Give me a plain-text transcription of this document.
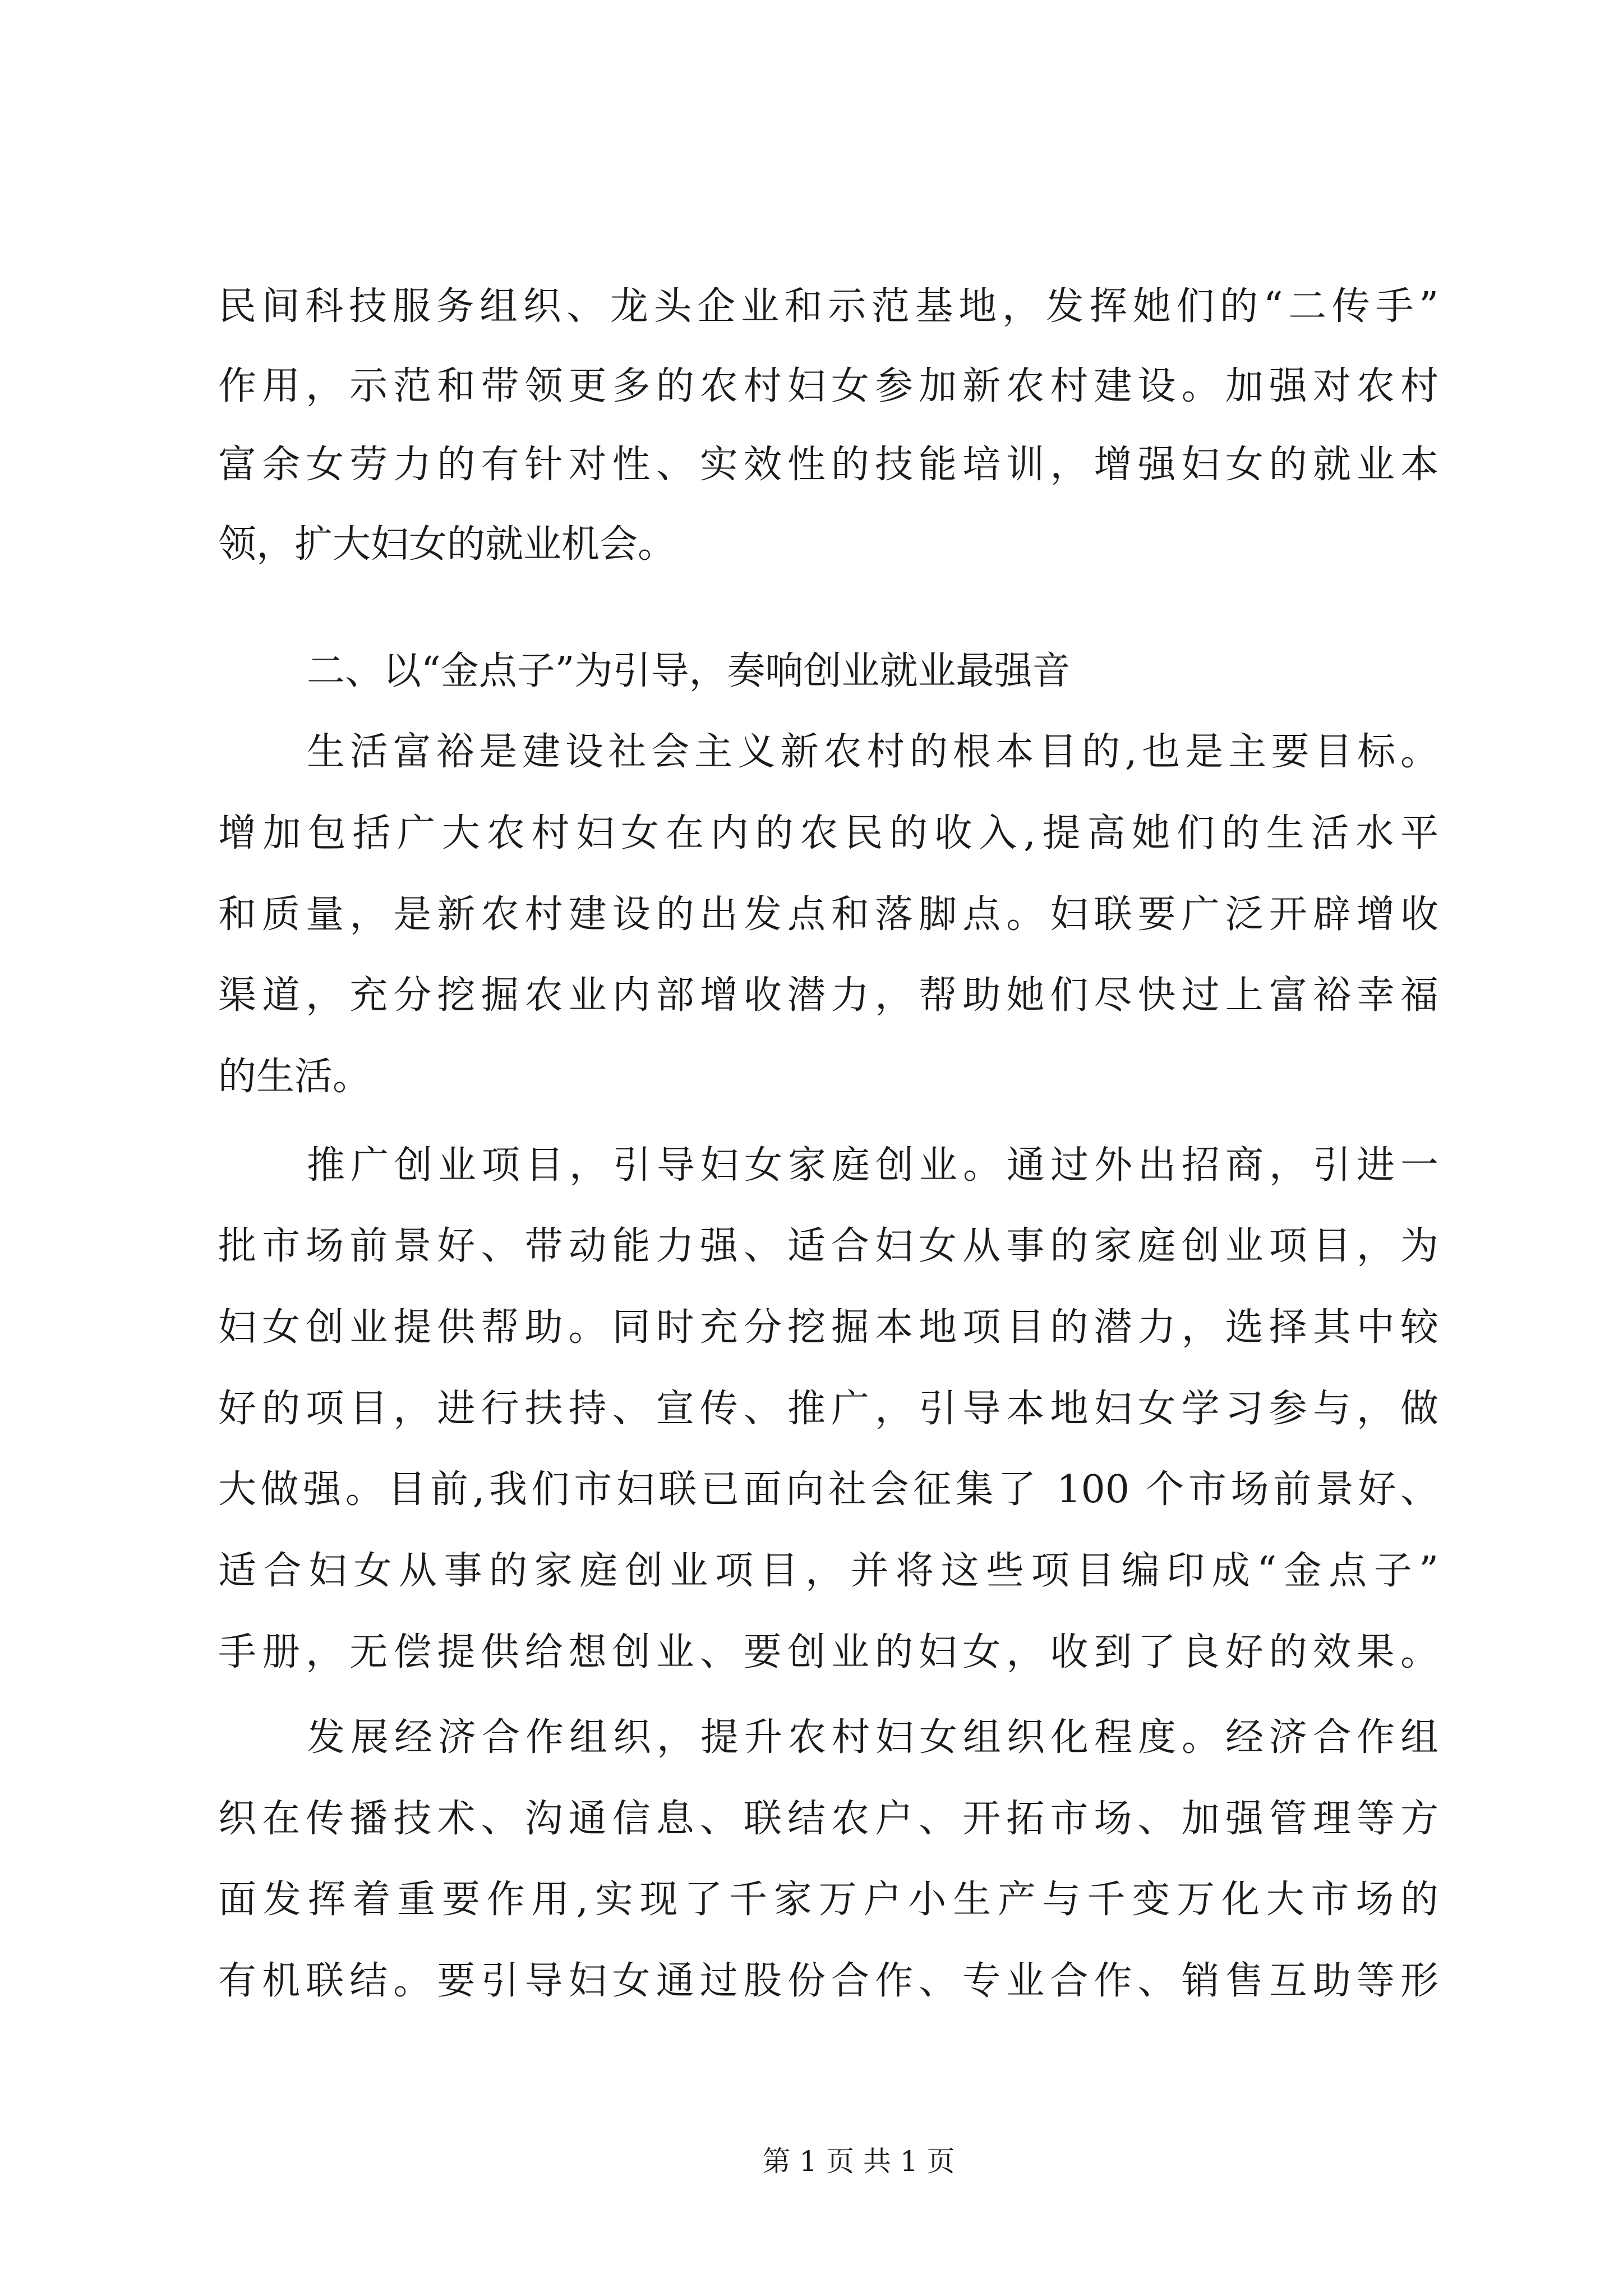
民间科技服务组织、龙头企业和示范基地，发挥她们的“二传手”
作用，示范和带领更多的农村妇女参加新农村建设。加强对农村
富余女劳力的有针对性、实效性的技能培训，增强妇女的就业本
领，扩大妇女的就业机会。
二、以“金点子”为引导，奏响创业就业最强音
生活富裕是建设社会主义新农村的根本目的,也是主要目标。
增加包括广大农村妇女在内的农民的收入,提高她们的生活水平
和质量，是新农村建设的出发点和落脚点。妇联要广泛开辟增收
渠道，充分挖掘农业内部增收潜力，帮助她们尽快过上富裕幸福
的生活。
推广创业项目，引导妇女家庭创业。通过外出招商，引进一
批市场前景好、带动能力强、适合妇女从事的家庭创业项目，为
妇女创业提供帮助。同时充分挖掘本地项目的潜力，选择其中较
好的项目，进行扶持、宣传、推广，引导本地妇女学习参与，做
大做强。目前,我们市妇联已面向社会征集了 100 个市场前景好、
适合妇女从事的家庭创业项目，并将这些项目编印成“金点子”
手册，无偿提供给想创业、要创业的妇女，收到了良好的效果。
发展经济合作组织，提升农村妇女组织化程度。经济合作组
织在传播技术、沟通信息、联结农户、开拓市场、加强管理等方
面发挥着重要作用,实现了千家万户小生产与千变万化大市场的
有机联结。要引导妇女通过股份合作、专业合作、销售互助等形
第 1 页 共 1 页
